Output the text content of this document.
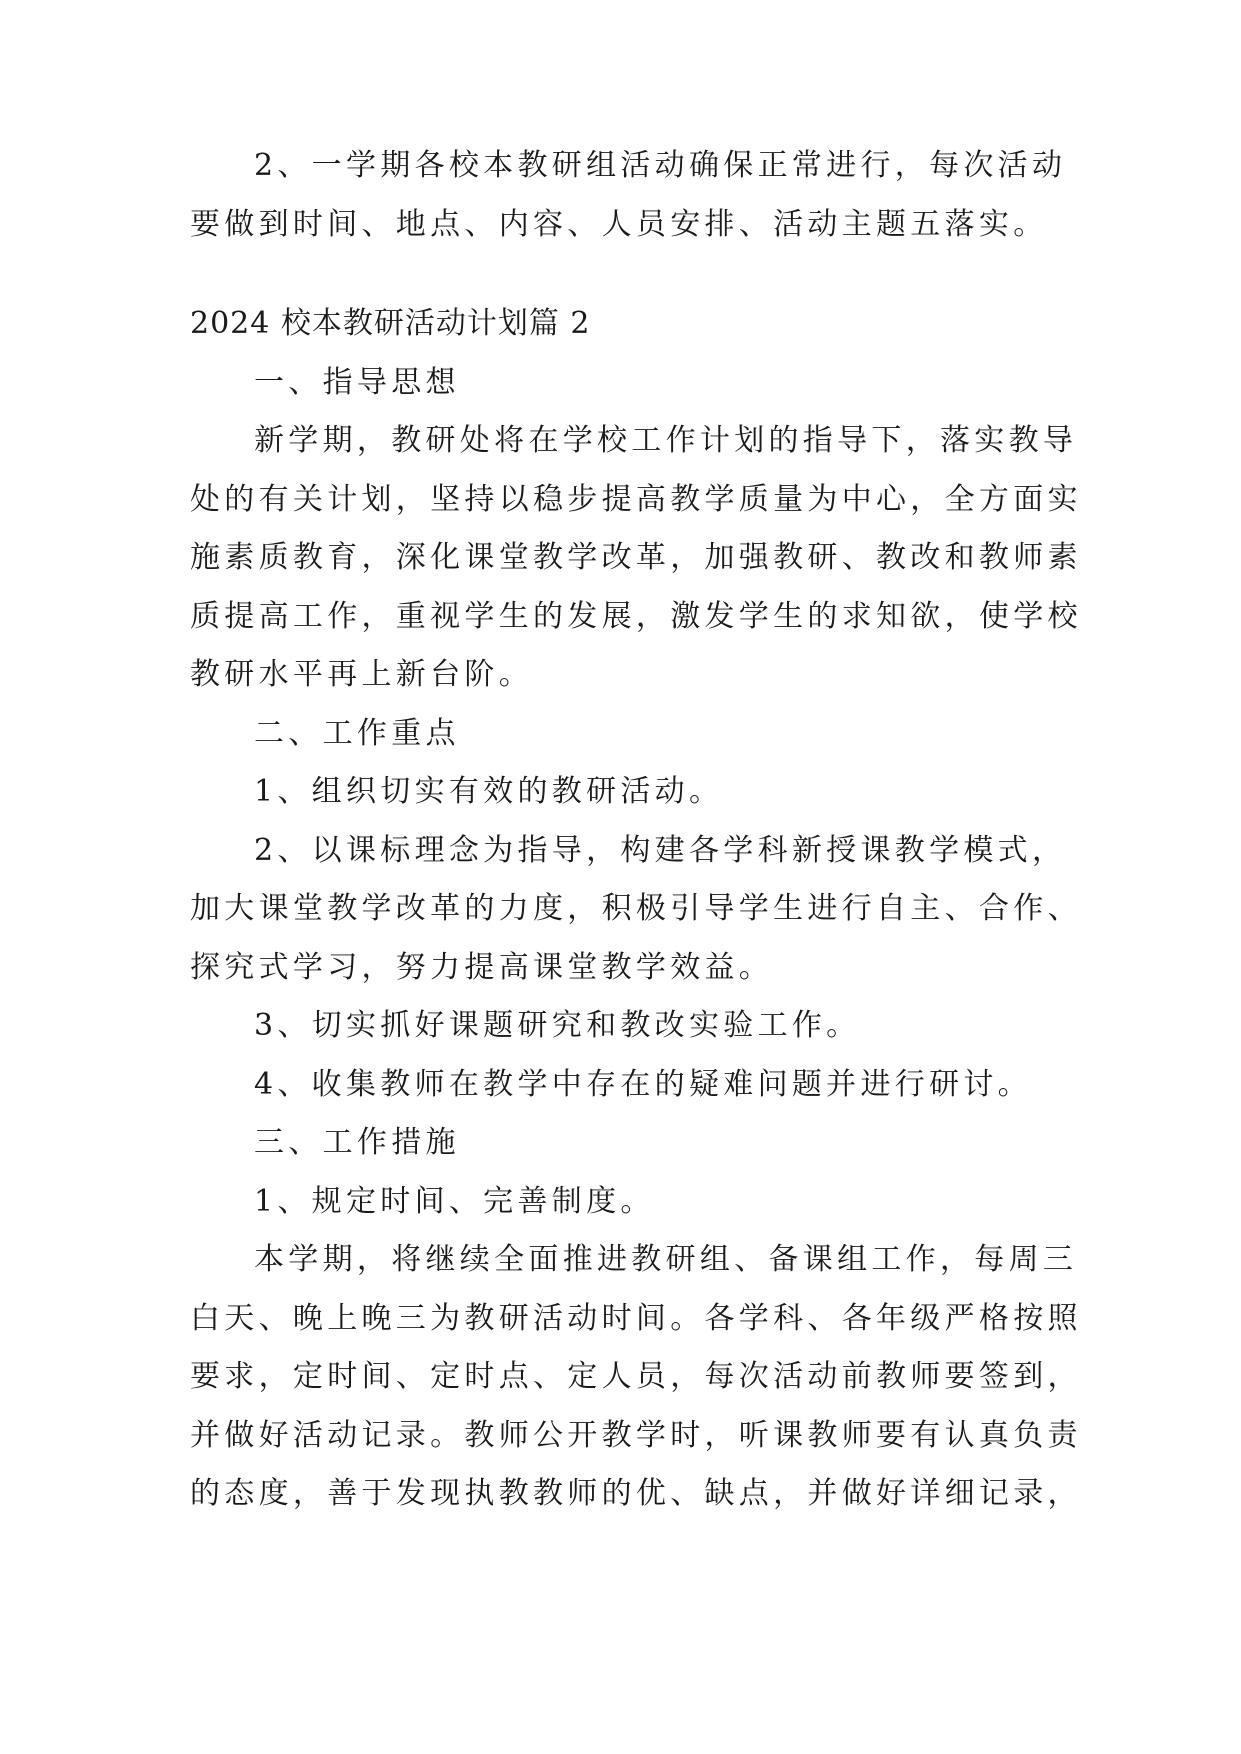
2、一学期各校本教研组活动确保正常进行，每次活动
要做到时间、地点、内容、人员安排、活动主题五落实。
2024 校本教研活动计划篇 2
一、指导思想
新学期，教研处将在学校工作计划的指导下，落实教导
处的有关计划，坚持以稳步提高教学质量为中心，全方面实
施素质教育，深化课堂教学改革，加强教研、教改和教师素
质提高工作，重视学生的发展，激发学生的求知欲，使学校
教研水平再上新台阶。
二、工作重点
1、组织切实有效的教研活动。
2、以课标理念为指导，构建各学科新授课教学模式，
加大课堂教学改革的力度，积极引导学生进行自主、合作、
探究式学习，努力提高课堂教学效益。
3、切实抓好课题研究和教改实验工作。
4、收集教师在教学中存在的疑难问题并进行研讨。
三、工作措施
1、规定时间、完善制度。
本学期，将继续全面推进教研组、备课组工作，每周三
白天、晚上晚三为教研活动时间。各学科、各年级严格按照
要求，定时间、定时点、定人员，每次活动前教师要签到，
并做好活动记录。教师公开教学时，听课教师要有认真负责
的态度，善于发现执教教师的优、缺点，并做好详细记录，
